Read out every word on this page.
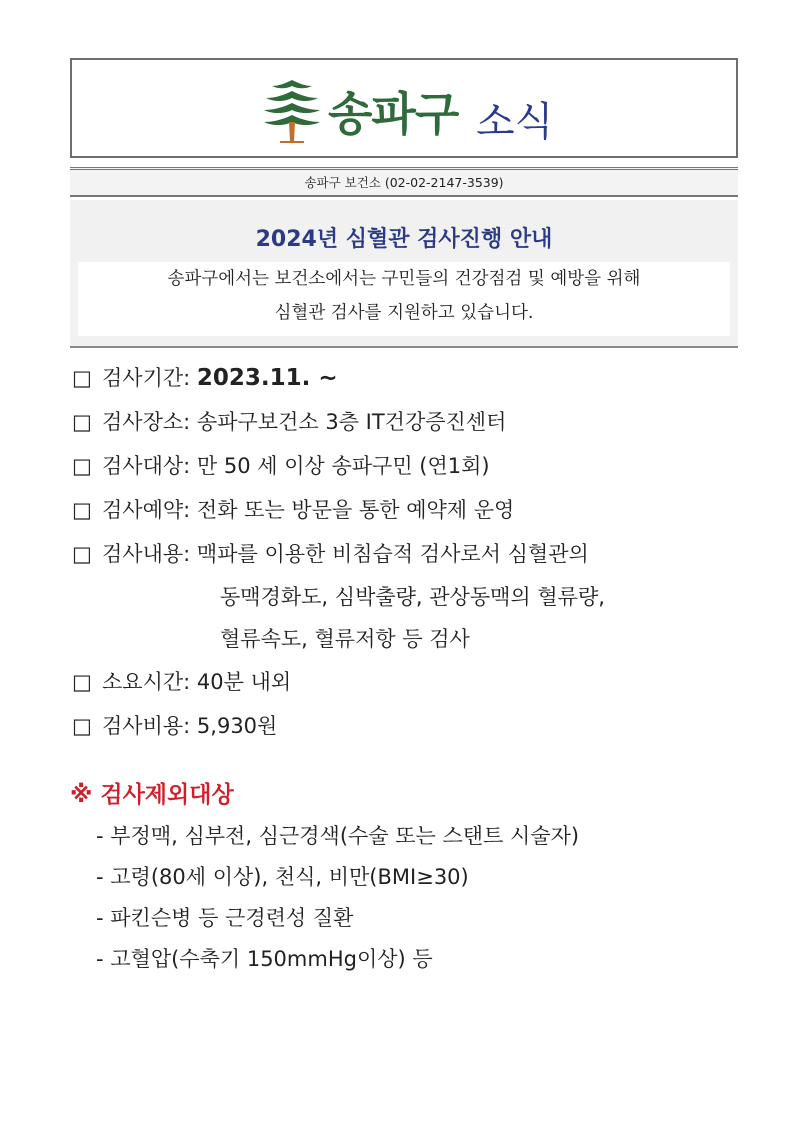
송파구 소식
송파구 보건소 (02-02-2147-3539)
2024년 심혈관 검사진행 안내
송파구에서는 보건소에서는 구민들의 건강점검 및 예방을 위해
심혈관 검사를 지원하고 있습니다.
□ 검사기간: 2023.11. ~
□ 검사장소: 송파구보건소 3층 IT건강증진센터
□ 검사대상: 만 50 세 이상 송파구민 (연1회)
□ 검사예약: 전화 또는 방문을 통한 예약제 운영
□ 검사내용: 맥파를 이용한 비침습적 검사로서 심혈관의
동맥경화도, 심박출량, 관상동맥의 혈류량,
혈류속도, 혈류저항 등 검사
□ 소요시간: 40분 내외
□ 검사비용: 5,930원
※ 검사제외대상
- 부정맥, 심부전, 심근경색(수술 또는 스탠트 시술자)
- 고령(80세 이상), 천식, 비만(BMI≥30)
- 파킨슨병 등 근경련성 질환
- 고혈압(수축기 150mmHg이상) 등
